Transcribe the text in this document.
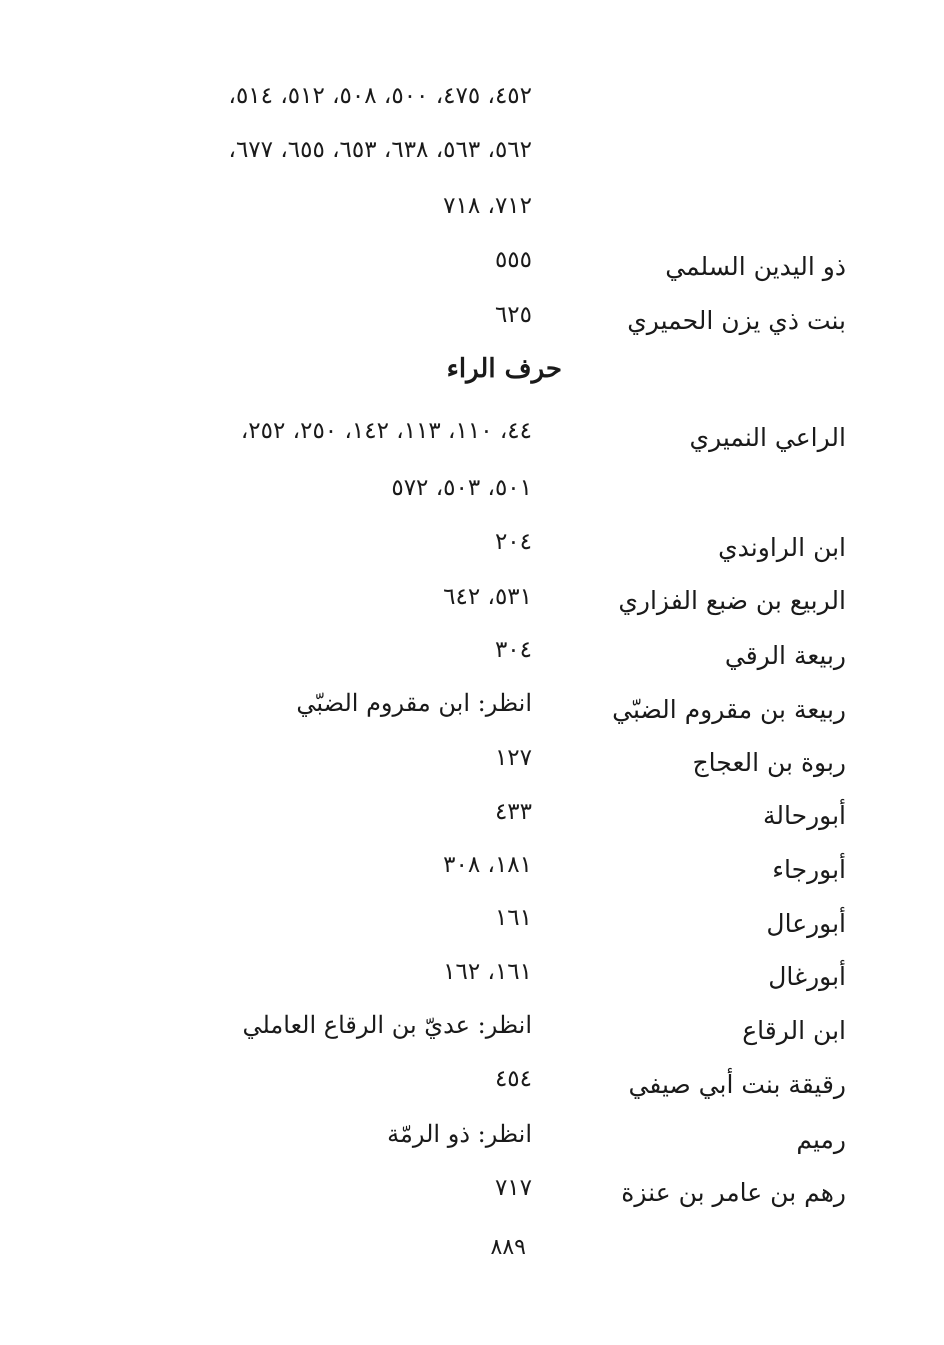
٤٥٢، ٤٧٥، ٥٠٠، ٥٠٨، ٥١٢، ٥١٤،
٥٦٢، ٥٦٣، ٦٣٨، ٦٥٣، ٦٥٥، ٦٧٧،
٧١٢، ٧١٨
ذو اليدين السلمي
٥٥٥
بنت ذي يزن الحميري
٦٢٥
حرف الراء
الراعي النميري
٤٤، ١١٠، ١١٣، ١٤٢، ٢٥٠، ٢٥٢،
٥٠١، ٥٠٣، ٥٧٢
ابن الراوندي
٢٠٤
الربيع بن ضبع الفزاري
٥٣١، ٦٤٢
ربيعة الرقي
٣٠٤
ربيعة بن مقروم الضبّي
انظر: ابن مقروم الضبّي
ربوة بن العجاج
١٢٧
أبورحالة
٤٣٣
أبورجاء
١٨١، ٣٠٨
أبورعال
١٦١
أبورغال
١٦١، ١٦٢
ابن الرقاع
انظر: عديّ بن الرقاع العاملي
رقيقة بنت أبي صيفي
٤٥٤
رميم
انظر: ذو الرمّة
رهم بن عامر بن عنزة
٧١٧
٨٨٩
